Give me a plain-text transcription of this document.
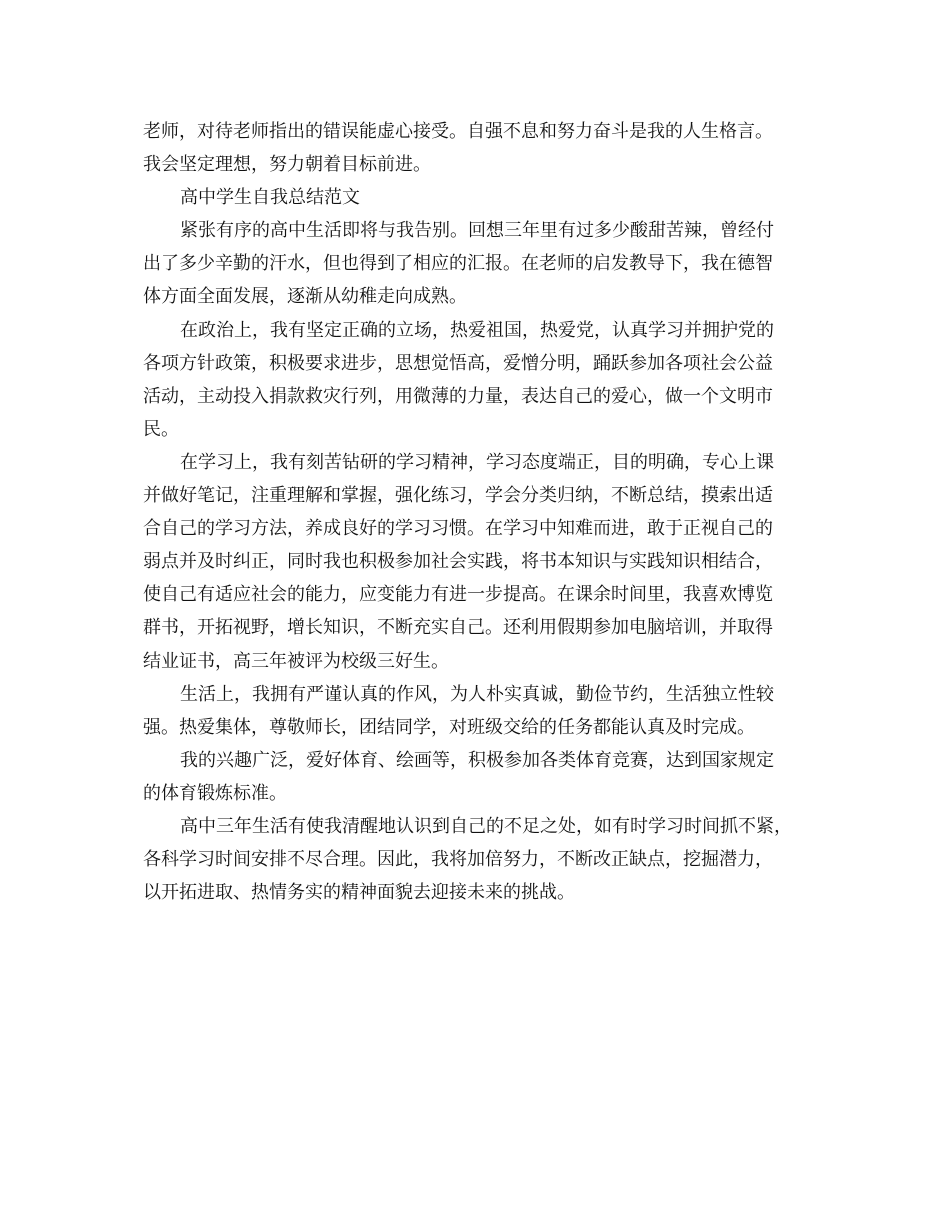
老师，对待老师指出的错误能虚心接受。自强不息和努力奋斗是我的人生格言。
我会坚定理想，努力朝着目标前进。
高中学生自我总结范文
紧张有序的高中生活即将与我告别。回想三年里有过多少酸甜苦辣，曾经付
出了多少辛勤的汗水，但也得到了相应的汇报。在老师的启发教导下，我在德智
体方面全面发展，逐渐从幼稚走向成熟。
在政治上，我有坚定正确的立场，热爱祖国，热爱党，认真学习并拥护党的
各项方针政策，积极要求进步，思想觉悟高，爱憎分明，踊跃参加各项社会公益
活动，主动投入捐款救灾行列，用微薄的力量，表达自己的爱心，做一个文明市
民。
在学习上，我有刻苦钻研的学习精神，学习态度端正，目的明确，专心上课
并做好笔记，注重理解和掌握，强化练习，学会分类归纳，不断总结，摸索出适
合自己的学习方法，养成良好的学习习惯。在学习中知难而进，敢于正视自己的
弱点并及时纠正，同时我也积极参加社会实践，将书本知识与实践知识相结合，
使自己有适应社会的能力，应变能力有进一步提高。在课余时间里，我喜欢博览
群书，开拓视野，增长知识，不断充实自己。还利用假期参加电脑培训，并取得
结业证书，高三年被评为校级三好生。
生活上，我拥有严谨认真的作风，为人朴实真诚，勤俭节约，生活独立性较
强。热爱集体，尊敬师长，团结同学，对班级交给的任务都能认真及时完成。
我的兴趣广泛，爱好体育、绘画等，积极参加各类体育竞赛，达到国家规定
的体育锻炼标准。
高中三年生活有使我清醒地认识到自己的不足之处，如有时学习时间抓不紧，
各科学习时间安排不尽合理。因此，我将加倍努力，不断改正缺点，挖掘潜力，
以开拓进取、热情务实的精神面貌去迎接未来的挑战。
